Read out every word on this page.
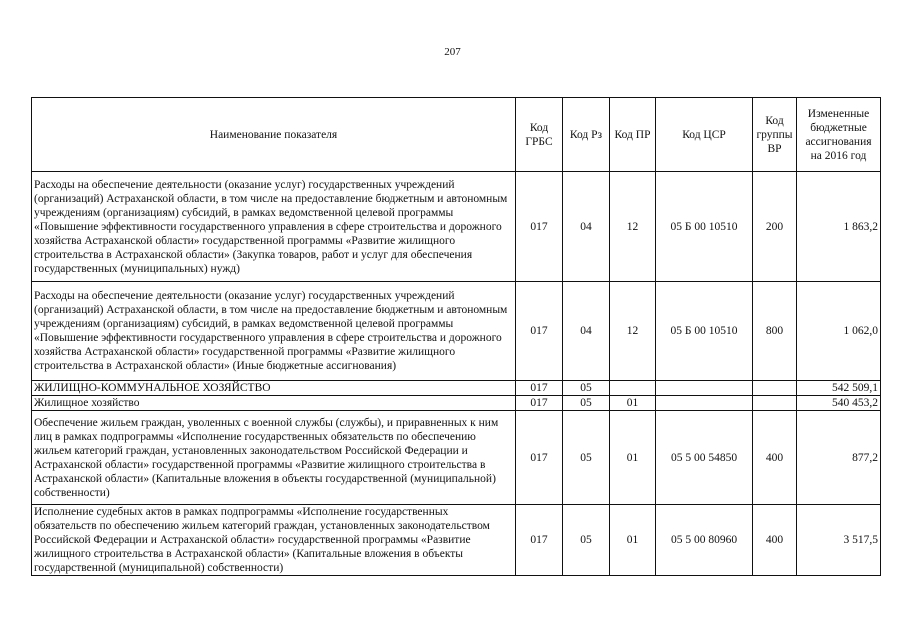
207
Наименование показателя	Код ГРБС	Код Рз	Код ПР	Код ЦСР	Код группы ВР	Измененные бюджетные ассигнования на 2016 год
Расходы на обеспечение деятельности (оказание услуг) государственных учреждений (организаций) Астраханской области, в том числе на предоставление бюджетным и автономным учреждениям (организациям) субсидий, в рамках ведомственной целевой программы «Повышение эффективности государственного управления в сфере строительства и дорожного хозяйства Астраханской области» государственной программы «Развитие жилищного строительства в Астраханской области» (Закупка товаров, работ и услуг для обеспечения государственных (муниципальных) нужд)	017	04	12	05 Б 00 10510	200	1 863,2
Расходы на обеспечение деятельности (оказание услуг) государственных учреждений (организаций) Астраханской области, в том числе на предоставление бюджетным и автономным учреждениям (организациям) субсидий, в рамках ведомственной целевой программы «Повышение эффективности государственного управления в сфере строительства и дорожного хозяйства Астраханской области» государственной программы «Развитие жилищного строительства в Астраханской области» (Иные бюджетные ассигнования)	017	04	12	05 Б 00 10510	800	1 062,0
ЖИЛИЩНО-КОММУНАЛЬНОЕ ХОЗЯЙСТВО	017	05				542 509,1
Жилищное хозяйство	017	05	01			540 453,2
Обеспечение жильем граждан, уволенных с военной службы (службы), и приравненных к ним лиц в рамках подпрограммы «Исполнение государственных обязательств по обеспечению жильем категорий граждан, установленных законодательством Российской Федерации и Астраханской области» государственной программы «Развитие жилищного строительства в Астраханской области» (Капитальные вложения в объекты государственной (муниципальной) собственности)	017	05	01	05 5 00 54850	400	877,2
Исполнение судебных актов в рамках подпрограммы «Исполнение государственных обязательств по обеспечению жильем категорий граждан, установленных законодательством Российской Федерации и Астраханской области» государственной программы «Развитие жилищного строительства в Астраханской области» (Капитальные вложения в объекты государственной (муниципальной) собственности)	017	05	01	05 5 00 80960	400	3 517,5
